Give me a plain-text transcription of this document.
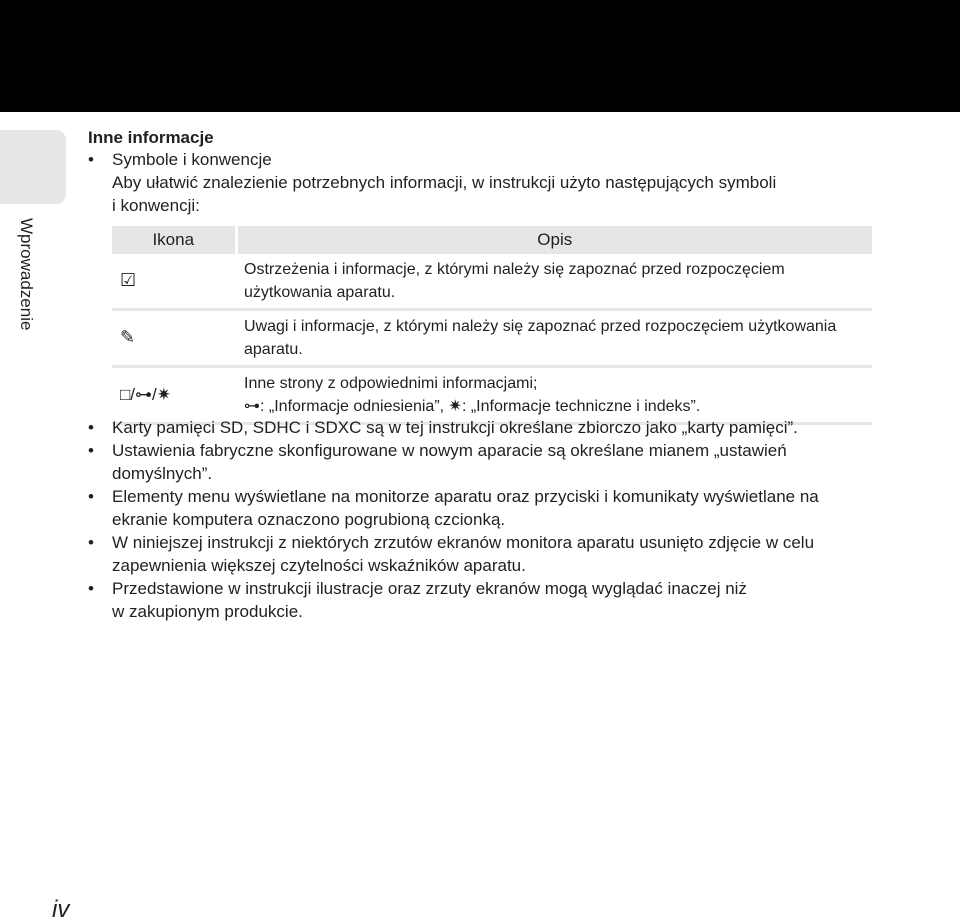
Wprowadzenie
Inne informacje
• Symbole i konwencje
Aby ułatwić znalezienie potrzebnych informacji, w instrukcji użyto następujących symboli
i konwencji:
Ikona	Opis
☑	Ostrzeżenia i informacje, z którymi należy się zapoznać przed rozpoczęciem
użytkowania aparatu.

✎	Uwagi i informacje, z którymi należy się zapoznać przed rozpoczęciem użytkowania
aparatu.

□/⊶/✷	Inne strony z odpowiednimi informacjami;
⊶: „Informacje odniesienia”, ✷: „Informacje techniczne i indeks”.
• Karty pamięci SD, SDHC i SDXC są w tej instrukcji określane zbiorczo jako „karty pamięci”.
• Ustawienia fabryczne skonfigurowane w nowym aparacie są określane mianem „ustawień
domyślnych”.
• Elementy menu wyświetlane na monitorze aparatu oraz przyciski i komunikaty wyświetlane na
ekranie komputera oznaczono pogrubioną czcionką.
• W niniejszej instrukcji z niektórych zrzutów ekranów monitora aparatu usunięto zdjęcie w celu
zapewnienia większej czytelności wskaźników aparatu.
• Przedstawione w instrukcji ilustracje oraz zrzuty ekranów mogą wyglądać inaczej niż
w zakupionym produkcie.
iv
